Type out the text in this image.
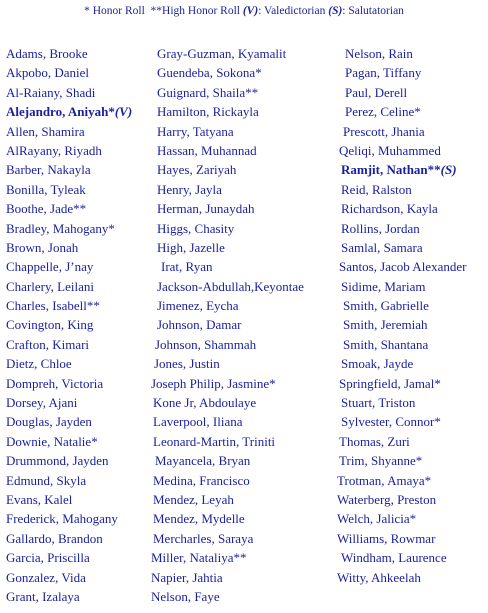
* Honor Roll **High Honor Roll (V): Valedictorian (S): Salutatorian
Adams, Brooke
Akpobo, Daniel
Al-Raiany, Shadi
Alejandro, Aniyah*(V)
Allen, Shamira
AlRayany, Riyadh
Barber, Nakayla
Bonilla, Tyleak
Boothe, Jade**
Bradley, Mahogany*
Brown, Jonah
Chappelle, J’nay
Charlery, Leilani
Charles, Isabell**
Covington, King
Crafton, Kimari
Dietz, Chloe
Dompreh, Victoria
Dorsey, Ajani
Douglas, Jayden
Downie, Natalie*
Drummond, Jayden
Edmund, Skyla
Evans, Kalel
Frederick, Mahogany
Gallardo, Brandon
Garcia, Priscilla
Gonzalez, Vida
Grant, Izalaya
Gray-Guzman, Kyamalit
Guendeba, Sokona*
Guignard, Shaila**
Hamilton, Rickayla
Harry, Tatyana
Hassan, Muhannad
Hayes, Zariyah
Henry, Jayla
Herman, Junaydah
Higgs, Chasity
High, Jazelle
Irat, Ryan
Jackson-Abdullah,Keyontae
Jimenez, Eycha
Johnson, Damar
Johnson, Shammah
Jones, Justin
Joseph Philip, Jasmine*
Kone Jr, Abdoulaye
Laverpool, Iliana
Leonard-Martin, Triniti
Mayancela, Bryan
Medina, Francisco
Mendez, Leyah
Mendez, Mydelle
Mercharles, Saraya
Miller, Nataliya**
Napier, Jahtia
Nelson, Faye
Nelson, Rain
Pagan, Tiffany
Paul, Derell
Perez, Celine*
Prescott, Jhania
Qeliqi, Muhammed
Ramjit, Nathan**(S)
Reid, Ralston
Richardson, Kayla
Rollins, Jordan
Samlal, Samara
Santos, Jacob Alexander
Sidime, Mariam
Smith, Gabrielle
Smith, Jeremiah
Smith, Shantana
Smoak, Jayde
Springfield, Jamal*
Stuart, Triston
Sylvester, Connor*
Thomas, Zuri
Trim, Shyanne*
Trotman, Amaya*
Waterberg, Preston
Welch, Jalicia*
Williams, Rowmar
Windham, Laurence
Witty, Ahkeelah
